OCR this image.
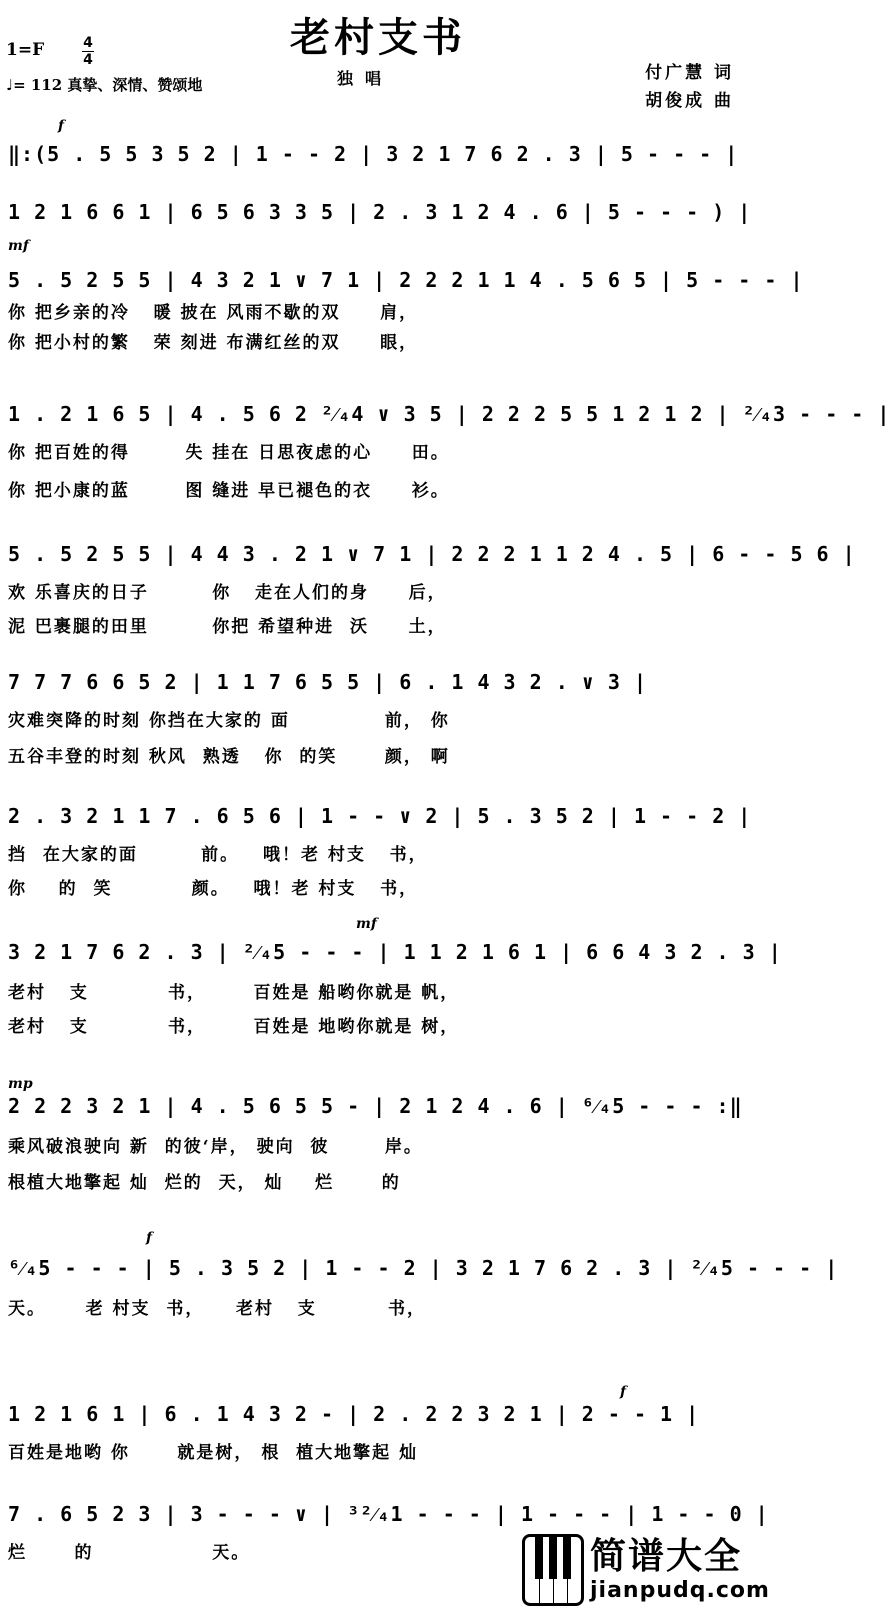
老村支书
1=F	4
4
♩= 112 真挚、深情、赞颂地	独唱	付广慧 词
胡俊成 曲
f
mf
mf
mp
f
f
‖:(5 . 5 5 3 5 2 | 1 - - 2 | 3 2 1 7 6 2 . 3 | 5 - - - |
1 2 1 6 6 1 | 6 5 6 3 3 5 | 2 . 3 1 2 4 . 6 | 5 - - - ) |
5 . 5 2 5 5 | 4 3 2 1 ∨ 7 1 | 2 2 2 1 1 4 . 5 6 5 | 5 - - - |
你 把乡亲的冷   暖 披在 风雨不歇的双     肩，
你 把小村的繁   荣 刻进 布满红丝的双     眼，
1 . 2 1 6 5 | 4 . 5 6 2 ²⁄₄4 ∨ 3 5 | 2 2 2 5 5 1 2 1 2 | ²⁄₄3 - - - |
你 把百姓的得       失 挂在 日思夜虑的心     田。
你 把小康的蓝       图 缝进 早已褪色的衣     衫。
5 . 5 2 5 5 | 4 4 3 . 2 1 ∨ 7 1 | 2 2 2 1 1 2 4 . 5 | 6 - - 5 6 |
欢 乐喜庆的日子        你   走在人们的身     后，
泥 巴裹腿的田里        你把 希望种进  沃     土，
7 7 7 6 6 5 2 | 1 1 7 6 5 5 | 6 . 1 4 3 2 . ∨ 3 |
灾难突降的时刻 你挡在大家的 面            前， 你
五谷丰登的时刻 秋风  熟透   你  的笑      颜， 啊
2 . 3 2 1 1 7 . 6 5 6 | 1 - - ∨ 2 | 5 . 3 5 2 | 1 - - 2 |
挡  在大家的面        前。   哦！老 村支   书，
你    的  笑          颜。   哦！老 村支   书，
3 2 1 7 6 2 . 3 | ²⁄₄5 - - - | 1 1 2 1 6 1 | 6 6 4 3 2 . 3 |
老村   支          书，      百姓是 船哟你就是 帆，
老村   支          书，      百姓是 地哟你就是 树，
2 2 2 3 2 1 | 4 . 5 6 5 5 - | 2 1 2 4 . 6 | ⁶⁄₄5 - - - :‖
乘风破浪驶向 新  的彼‘岸， 驶向  彼       岸。
根植大地擎起 灿  烂的  天， 灿    烂      的
⁶⁄₄5 - - - | 5 . 3 5 2 | 1 - - 2 | 3 2 1 7 6 2 . 3 | ²⁄₄5 - - - |
天。     老 村支  书，    老村   支         书，
1 2 1 6 1 | 6 . 1 4 3 2 - | 2 . 2 2 3 2 1 | 2 - - 1 |
百姓是地哟 你      就是树， 根  植大地擎起 灿
7 . 6 5 2 3 | 3 - - - ∨ | ³²⁄₄1 - - - | 1 - - - | 1 - - 0 |
烂      的               天。	简谱大全
jianpudq.com
